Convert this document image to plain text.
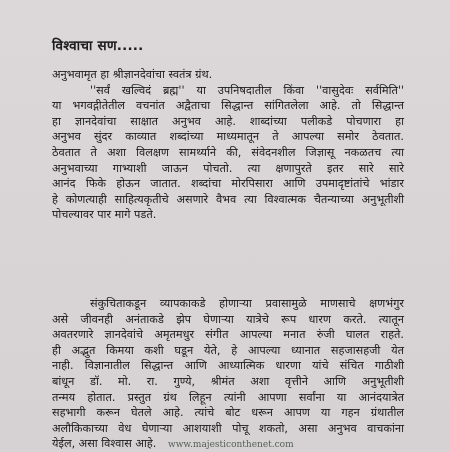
विश्वाचा सण.....
अनुभवामृत हा श्रीज्ञानदेवांचा स्वतंत्र ग्रंथ.
''सर्वं खल्विदं ब्रह्म'' या उपनिषदातील किंवा ''वासुदेवः सर्वमिति''
या भगवद्गीतेतील वचनांत अद्वैताचा सिद्धान्त सांगितलेला आहे. तो सिद्धान्त
हा ज्ञानदेवांचा साक्षात अनुभव आहे. शाब्दांच्या पलीकडे पोचणारा हा
अनुभव सुंदर काव्यात शब्दांच्या माध्यमातून ते आपल्या समोर ठेवतात.
ठेवतात ते अशा विलक्षण सामर्थ्याने की, संवेदनशील जिज्ञासू नकळतच त्या
अनुभवाच्या गाभ्याशी जाऊन पोचतो. त्या क्षणापुरते इतर सारे सारे
आनंद फिके होऊन जातात. शब्दांचा मोरपिसारा आणि उपमादृष्टांतांचे भांडार
हे कोणत्याही साहित्यकृतीचे असणारे वैभव त्या विश्वात्मक चैतन्याच्या अनुभूतीशी
पोचल्यावर पार मागे पडते.
संकुचिताकडून व्यापकाकडे होणाऱ्या प्रवासामुळे माणसाचे क्षणभंगुर
असे जीवनही अनंताकडे झेप घेणाऱ्या यात्रेचे रूप धारण करते. त्यातून
अवतरणारे ज्ञानदेवांचे अमृतमधुर संगीत आपल्या मनात रुंजी घालत राहते.
ही अद्भुत किमया कशी घडून येते, हे आपल्या ध्यानात सहजासहजी येत
नाही. विज्ञानातील सिद्धान्त आणि आध्यात्मिक धारणा यांचे संचित गाठीशी
बांधून डॉ. मो. रा. गुण्ये, श्रीमंत अशा वृत्तीने आणि अनुभूतीशी
तन्मय होतात. प्रस्तुत ग्रंथ लिहून त्यांनी आपणा सर्वांना या आनंदयात्रेत
सहभागी करून घेतले आहे. त्यांचे बोट धरून आपण या गहन ग्रंथातील
अलौकिकाच्या वेध घेणाऱ्या आशयाशी पोचू शकतो, असा अनुभव वाचकांना
येईल, असा विश्वास आहे.	www.majesticonthenet.com
